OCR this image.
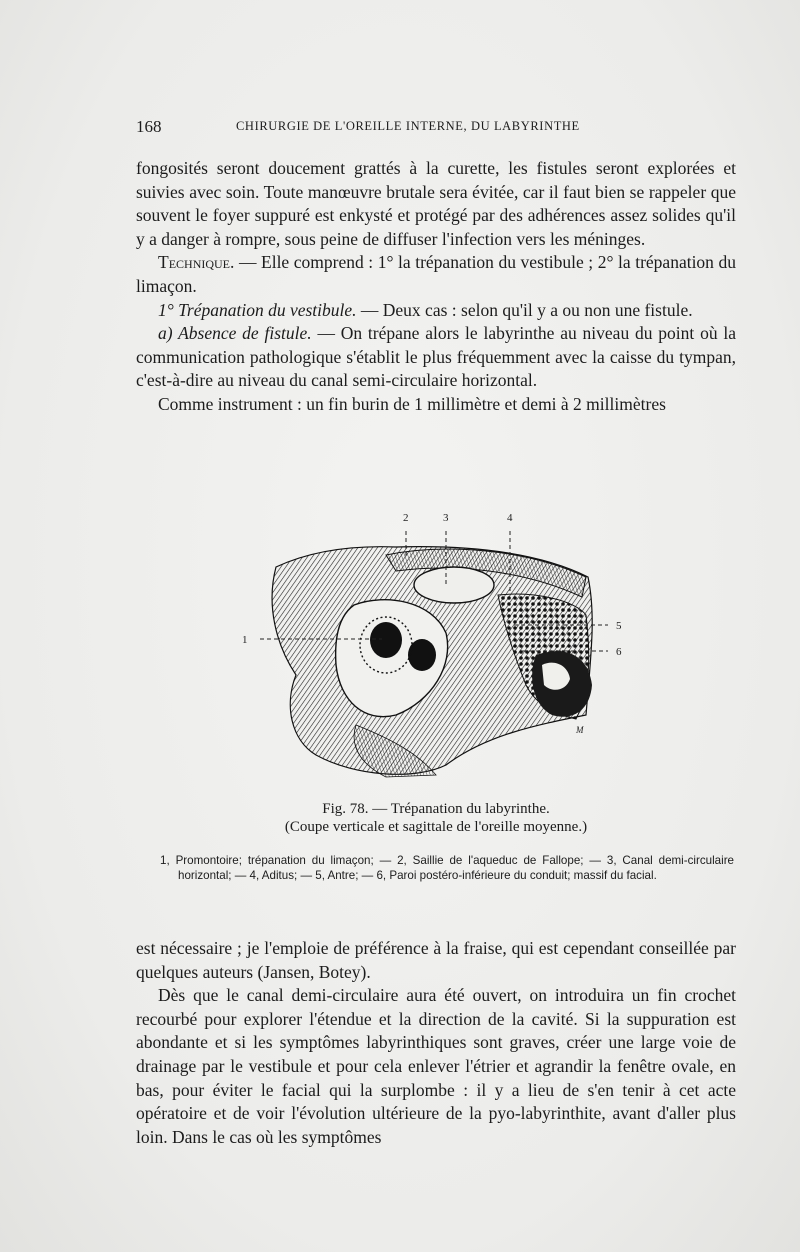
168	CHIRURGIE DE L'OREILLE INTERNE, DU LABYRINTHE

fongosités seront doucement grattés à la curette, les fistules seront explorées et suivies avec soin. Toute manœuvre brutale sera évitée, car il faut bien se rappeler que souvent le foyer suppuré est enkysté et protégé par des adhérences assez solides qu'il y a danger à rompre, sous peine de diffuser l'infection vers les méninges.

Technique. — Elle comprend : 1° la trépanation du vestibule ; 2° la trépanation du limaçon.

1° Trépanation du vestibule. — Deux cas : selon qu'il y a ou non une fistule.

a) Absence de fistule. — On trépane alors le labyrinthe au niveau du point où la communication pathologique s'établit le plus fréquemment avec la caisse du tympan, c'est-à-dire au niveau du canal semi-circulaire horizontal.

Comme instrument : un fin burin de 1 millimètre et demi à 2 millimètres

1
2	3	4
5
6
M
Fig. 78. — Trépanation du labyrinthe.
(Coupe verticale et sagittale de l'oreille moyenne.)
1, Promontoire; trépanation du limaçon; — 2, Saillie de l'aqueduc de Fallope; — 3, Canal demi-circulaire horizontal; — 4, Aditus; — 5, Antre; — 6, Paroi postéro-inférieure du conduit; massif du facial.

est nécessaire ; je l'emploie de préférence à la fraise, qui est cependant conseillée par quelques auteurs (Jansen, Botey).

Dès que le canal demi-circulaire aura été ouvert, on introduira un fin crochet recourbé pour explorer l'étendue et la direction de la cavité. Si la suppuration est abondante et si les symptômes labyrinthiques sont graves, créer une large voie de drainage par le vestibule et pour cela enlever l'étrier et agrandir la fenêtre ovale, en bas, pour éviter le facial qui la surplombe : il y a lieu de s'en tenir à cet acte opératoire et de voir l'évolution ultérieure de la pyo-labyrinthite, avant d'aller plus loin. Dans le cas où les symptômes
